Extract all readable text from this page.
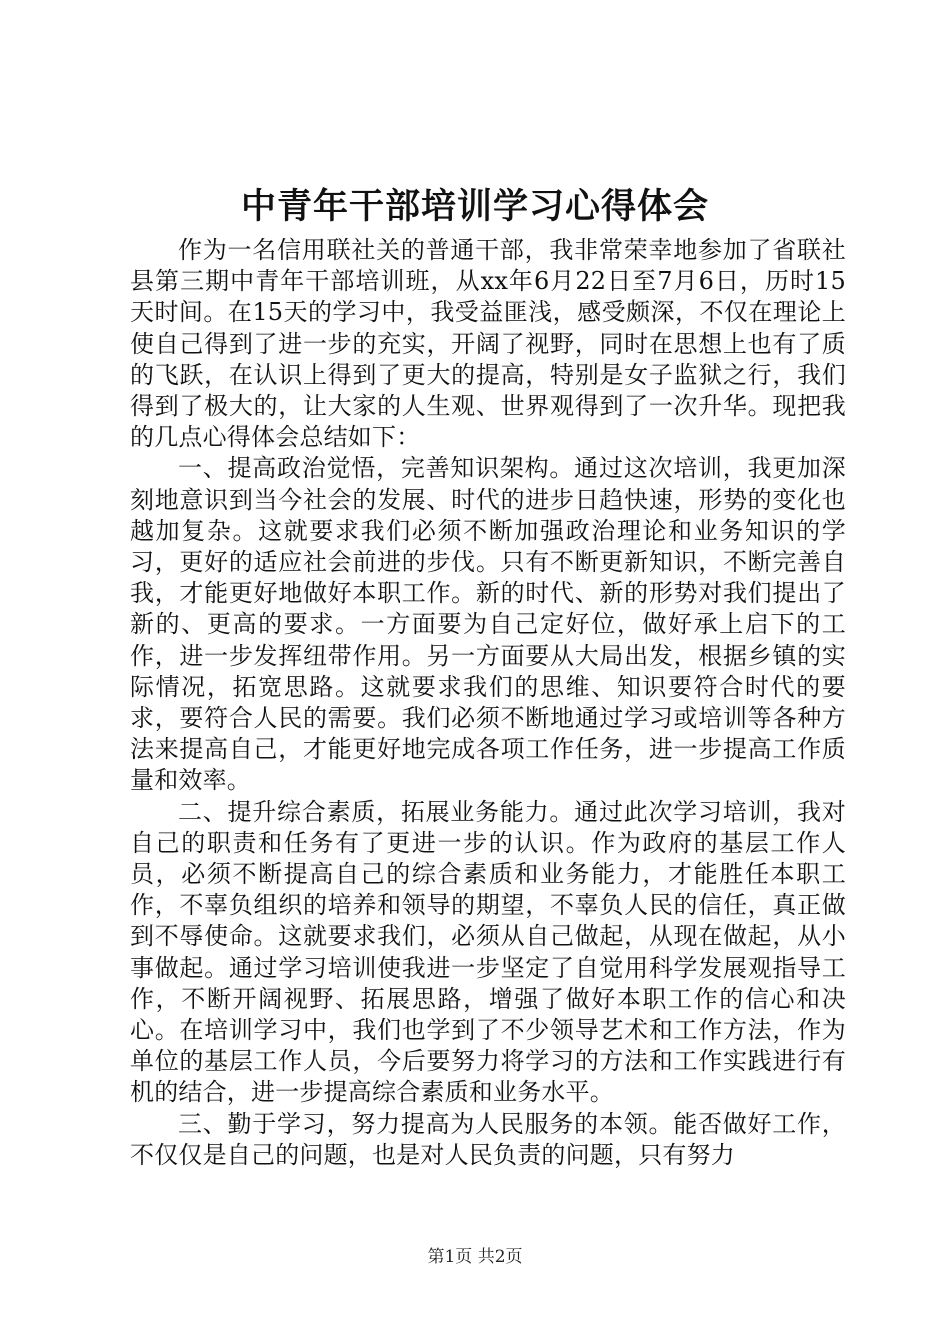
中青年干部培训学习心得体会

作为一名信用联社关的普通干部，我非常荣幸地参加了省联社县第三期中青年干部培训班，从xx年6月22日至7月6日，历时15天时间。在15天的学习中，我受益匪浅，感受颇深，不仅在理论上使自己得到了进一步的充实，开阔了视野，同时在思想上也有了质的飞跃，在认识上得到了更大的提高，特别是女子监狱之行，我们得到了极大的，让大家的人生观、世界观得到了一次升华。现把我的几点心得体会总结如下：

一、提高政治觉悟，完善知识架构。通过这次培训，我更加深刻地意识到当今社会的发展、时代的进步日趋快速，形势的变化也越加复杂。这就要求我们必须不断加强政治理论和业务知识的学习，更好的适应社会前进的步伐。只有不断更新知识，不断完善自我，才能更好地做好本职工作。新的时代、新的形势对我们提出了新的、更高的要求。一方面要为自己定好位，做好承上启下的工作，进一步发挥纽带作用。另一方面要从大局出发，根据乡镇的实际情况，拓宽思路。这就要求我们的思维、知识要符合时代的要求，要符合人民的需要。我们必须不断地通过学习或培训等各种方法来提高自己，才能更好地完成各项工作任务，进一步提高工作质量和效率。

二、提升综合素质，拓展业务能力。通过此次学习培训，我对自己的职责和任务有了更进一步的认识。作为政府的基层工作人员，必须不断提高自己的综合素质和业务能力，才能胜任本职工作，不辜负组织的培养和领导的期望，不辜负人民的信任，真正做到不辱使命。这就要求我们，必须从自己做起，从现在做起，从小事做起。通过学习培训使我进一步坚定了自觉用科学发展观指导工作，不断开阔视野、拓展思路，增强了做好本职工作的信心和决心。在培训学习中，我们也学到了不少领导艺术和工作方法，作为单位的基层工作人员，今后要努力将学习的方法和工作实践进行有机的结合，进一步提高综合素质和业务水平。

三、勤于学习，努力提高为人民服务的本领。能否做好工作，不仅仅是自己的问题，也是对人民负责的问题，只有努力

第1页 共2页
